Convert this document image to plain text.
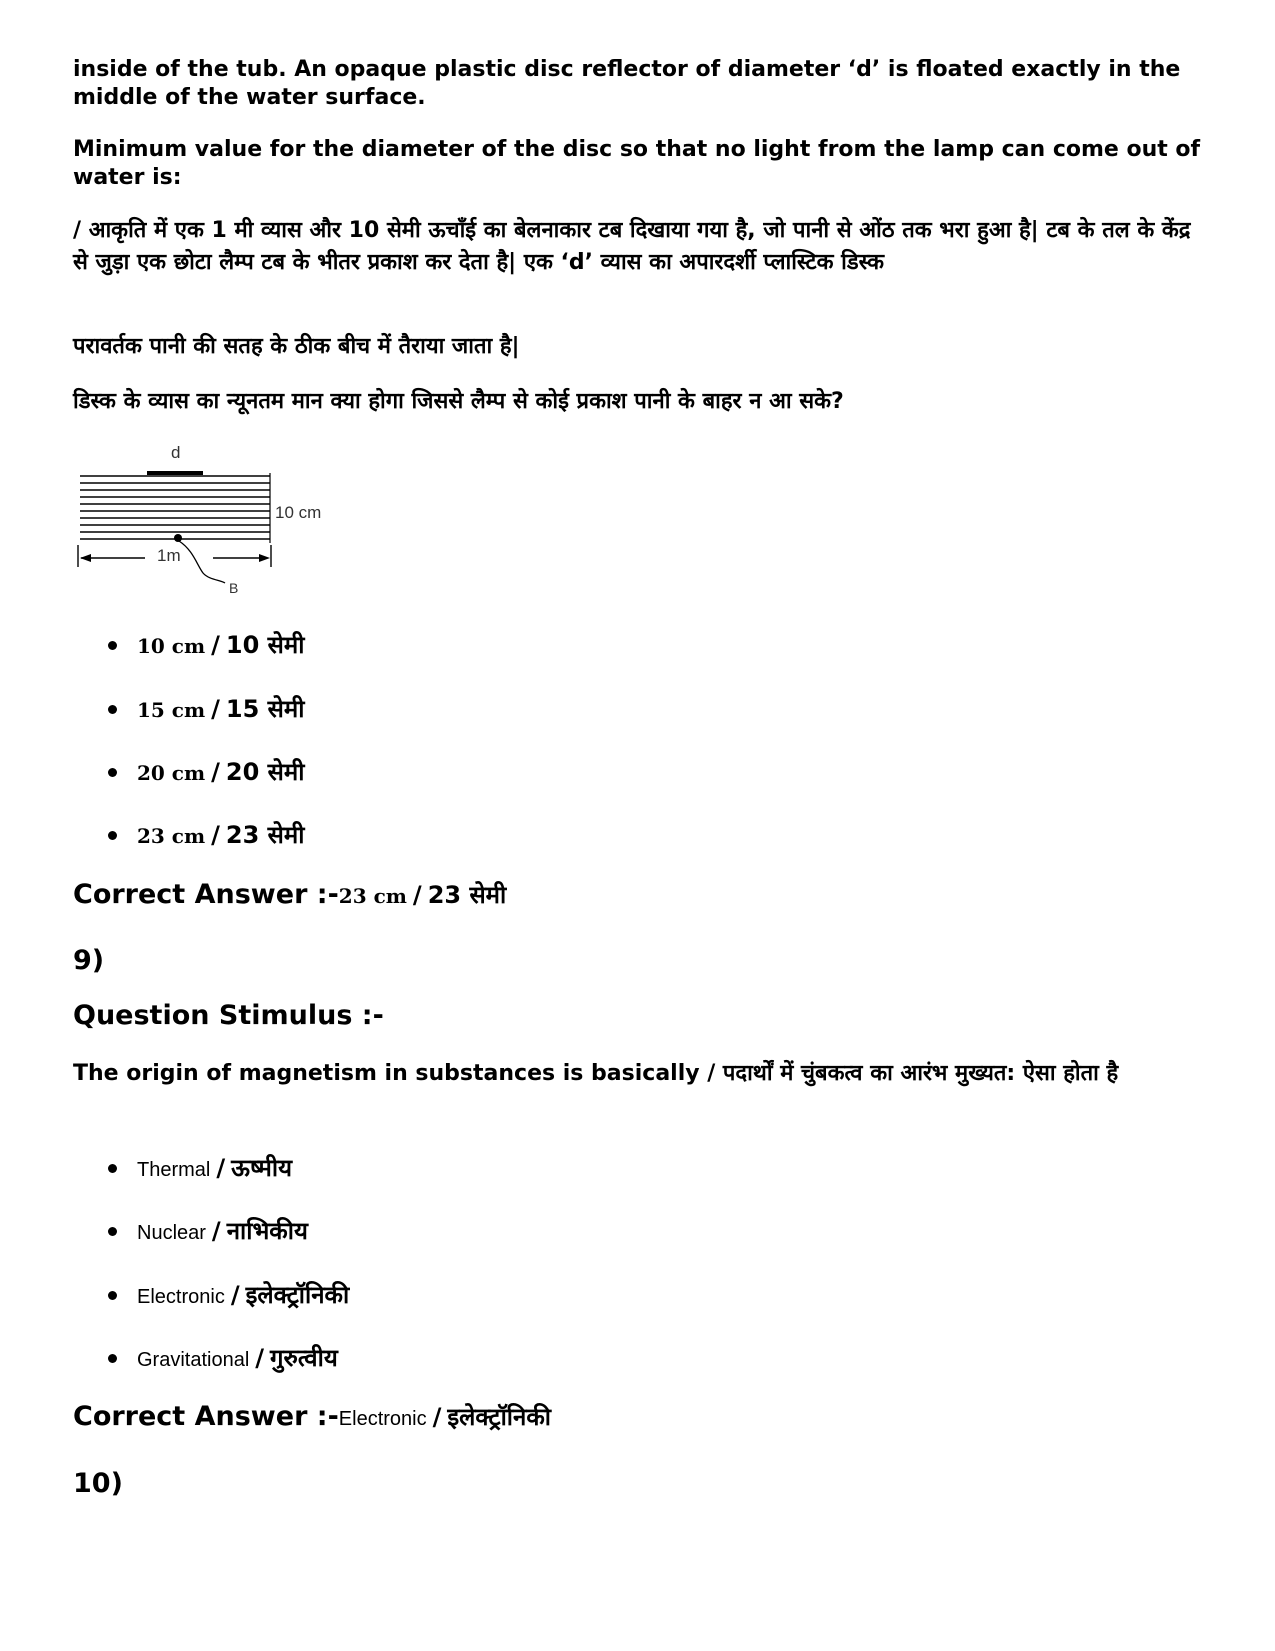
inside of the tub. An opaque plastic disc reflector of diameter ‘d’ is floated exactly in the middle of the water surface.

Minimum value for the diameter of the disc so that no light from the lamp can come out of water is:

/ आकृति में एक 1 मी व्यास और 10 सेमी ऊचाँई का बेलनाकार टब दिखाया गया है, जो पानी से ओंठ तक भरा हुआ है| टब के तल के केंद्र से जुड़ा एक छोटा लैम्प टब के भीतर प्रकाश कर देता है| एक ‘d’ व्यास का अपारदर्शी प्लास्टिक डिस्क

परावर्तक पानी की सतह के ठीक बीच में तैराया जाता है|

डिस्क के व्यास का न्यूनतम मान क्या होगा जिससे लैम्प से कोई प्रकाश पानी के बाहर न आ सके?

d
10 cm
1m
B
10 cm / 10 सेमी
15 cm / 15 सेमी
20 cm / 20 सेमी
23 cm / 23 सेमी
Correct Answer :-23 cm / 23 सेमी
9)
Question Stimulus :-

The origin of magnetism in substances is basically / पदार्थों में चुंबकत्व का आरंभ मुख्यत: ऐसा होता है

Thermal / ऊष्मीय
Nuclear / नाभिकीय
Electronic / इलेक्ट्रॉनिकी
Gravitational / गुरुत्वीय
Correct Answer :-Electronic / इलेक्ट्रॉनिकी
10)
